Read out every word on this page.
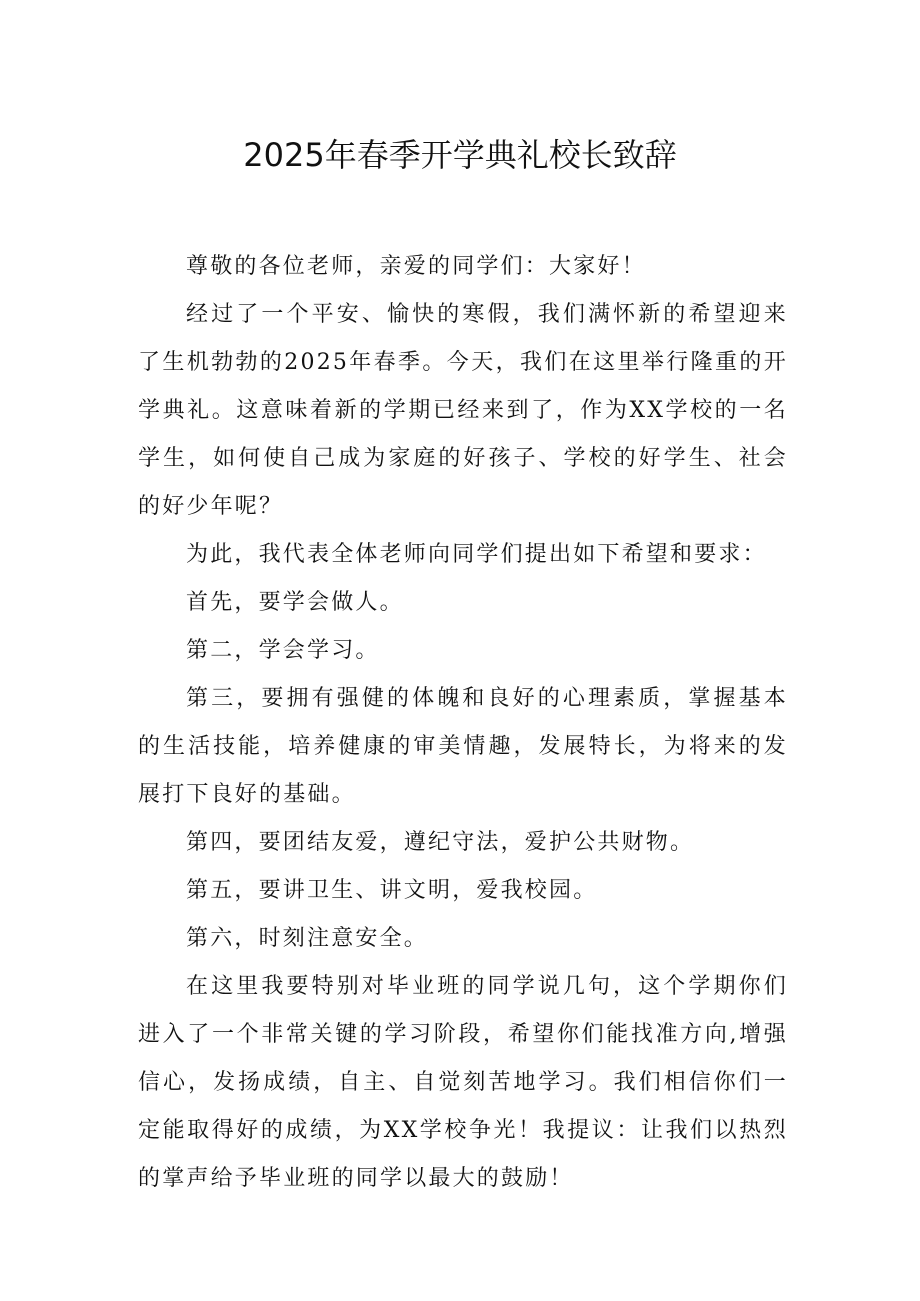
2025年春季开学典礼校长致辞

尊敬的各位老师，亲爱的同学们：大家好！

经过了一个平安、愉快的寒假，我们满怀新的希望迎来了生机勃勃的2025年春季。今天，我们在这里举行隆重的开学典礼。这意味着新的学期已经来到了，作为XX学校的一名学生，如何使自己成为家庭的好孩子、学校的好学生、社会的好少年呢？

为此，我代表全体老师向同学们提出如下希望和要求：

首先，要学会做人。

第二，学会学习。

第三，要拥有强健的体魄和良好的心理素质，掌握基本的生活技能，培养健康的审美情趣，发展特长，为将来的发展打下良好的基础。

第四，要团结友爱，遵纪守法，爱护公共财物。

第五，要讲卫生、讲文明，爱我校园。

第六，时刻注意安全。

在这里我要特别对毕业班的同学说几句，这个学期你们进入了一个非常关键的学习阶段，希望你们能找准方向,增强信心，发扬成绩，自主、自觉刻苦地学习。我们相信你们一定能取得好的成绩，为XX学校争光！我提议：让我们以热烈的掌声给予毕业班的同学以最大的鼓励！
